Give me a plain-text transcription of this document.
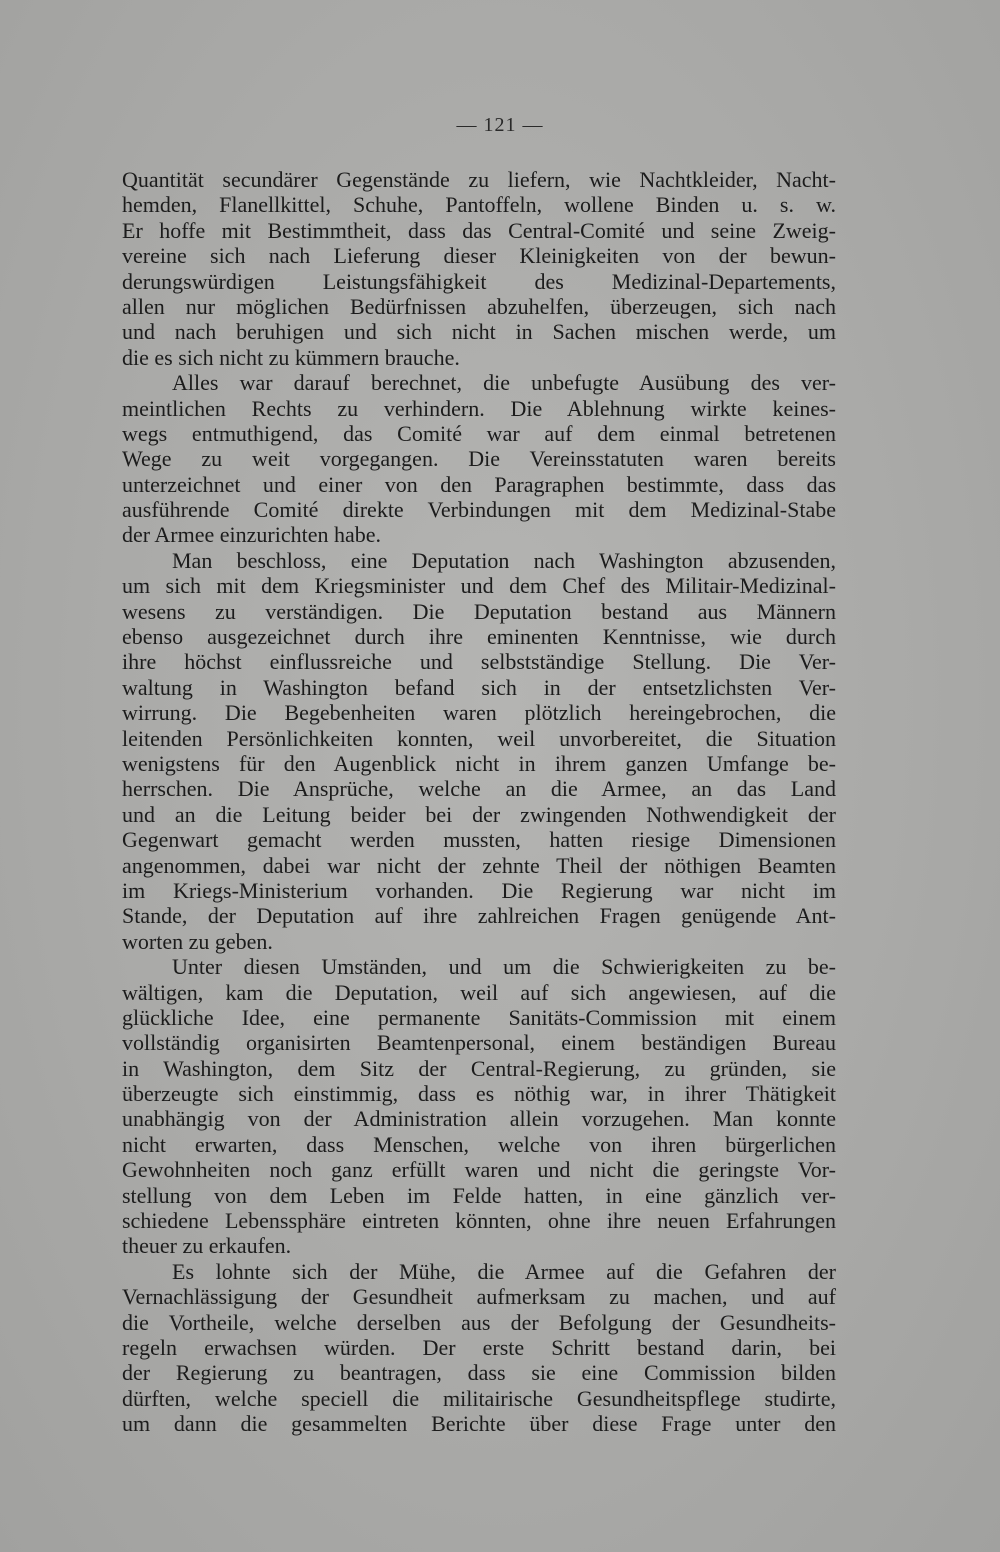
— 121 —
Quantität secundärer Gegenstände zu liefern, wie Nachtkleider, Nacht-
hemden, Flanellkittel, Schuhe, Pantoffeln, wollene Binden u. s. w.
Er hoffe mit Bestimmtheit, dass das Central-Comité und seine Zweig-
vereine sich nach Lieferung dieser Kleinigkeiten von der bewun-
derungswürdigen Leistungsfähigkeit des Medizinal-Departements,
allen nur möglichen Bedürfnissen abzuhelfen, überzeugen, sich nach
und nach beruhigen und sich nicht in Sachen mischen werde, um
die es sich nicht zu kümmern brauche.
Alles war darauf berechnet, die unbefugte Ausübung des ver-
meintlichen Rechts zu verhindern. Die Ablehnung wirkte keines-
wegs entmuthigend, das Comité war auf dem einmal betretenen
Wege zu weit vorgegangen. Die Vereinsstatuten waren bereits
unterzeichnet und einer von den Paragraphen bestimmte, dass das
ausführende Comité direkte Verbindungen mit dem Medizinal-Stabe
der Armee einzurichten habe.
Man beschloss, eine Deputation nach Washington abzusenden,
um sich mit dem Kriegsminister und dem Chef des Militair-Medizinal-
wesens zu verständigen. Die Deputation bestand aus Männern
ebenso ausgezeichnet durch ihre eminenten Kenntnisse, wie durch
ihre höchst einflussreiche und selbstständige Stellung. Die Ver-
waltung in Washington befand sich in der entsetzlichsten Ver-
wirrung. Die Begebenheiten waren plötzlich hereingebrochen, die
leitenden Persönlichkeiten konnten, weil unvorbereitet, die Situation
wenigstens für den Augenblick nicht in ihrem ganzen Umfange be-
herrschen. Die Ansprüche, welche an die Armee, an das Land
und an die Leitung beider bei der zwingenden Nothwendigkeit der
Gegenwart gemacht werden mussten, hatten riesige Dimensionen
angenommen, dabei war nicht der zehnte Theil der nöthigen Beamten
im Kriegs-Ministerium vorhanden. Die Regierung war nicht im
Stande, der Deputation auf ihre zahlreichen Fragen genügende Ant-
worten zu geben.
Unter diesen Umständen, und um die Schwierigkeiten zu be-
wältigen, kam die Deputation, weil auf sich angewiesen, auf die
glückliche Idee, eine permanente Sanitäts-Commission mit einem
vollständig organisirten Beamtenpersonal, einem beständigen Bureau
in Washington, dem Sitz der Central-Regierung, zu gründen, sie
überzeugte sich einstimmig, dass es nöthig war, in ihrer Thätigkeit
unabhängig von der Administration allein vorzugehen. Man konnte
nicht erwarten, dass Menschen, welche von ihren bürgerlichen
Gewohnheiten noch ganz erfüllt waren und nicht die geringste Vor-
stellung von dem Leben im Felde hatten, in eine gänzlich ver-
schiedene Lebenssphäre eintreten könnten, ohne ihre neuen Erfahrungen
theuer zu erkaufen.
Es lohnte sich der Mühe, die Armee auf die Gefahren der
Vernachlässigung der Gesundheit aufmerksam zu machen, und auf
die Vortheile, welche derselben aus der Befolgung der Gesundheits-
regeln erwachsen würden. Der erste Schritt bestand darin, bei
der Regierung zu beantragen, dass sie eine Commission bilden
dürften, welche speciell die militairische Gesundheitspflege studirte,
um dann die gesammelten Berichte über diese Frage unter den
